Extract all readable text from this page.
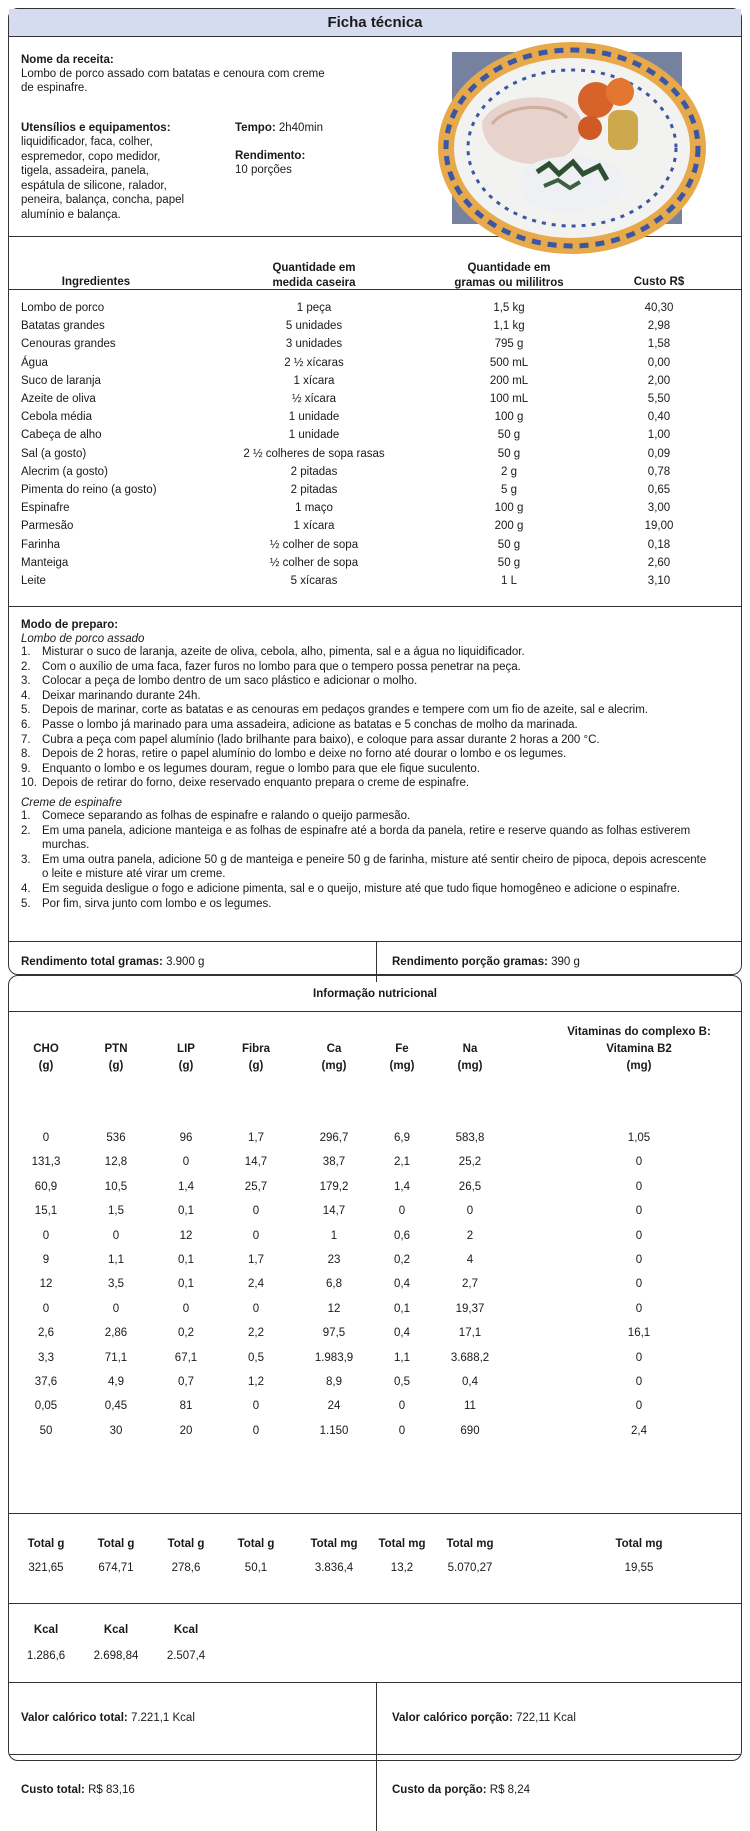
Ficha técnica
Nome da receita:
Lombo de porco assado com batatas e cenoura com creme
de espinafre.
Utensílios e equipamentos:
liquidificador, faca, colher,
espremedor, copo medidor,
tigela, assadeira, panela,
espátula de silicone, ralador,
peneira, balança, concha, papel
alumínio e balança.
Tempo: 2h40min
Rendimento:
10 porções
Ingredientes
Quantidade em
medida caseira
Quantidade em
gramas ou mililitros	Custo R$
Lombo de porco	1 peça	1,5 kg	40,30
Batatas grandes	5 unidades	1,1 kg	2,98
Cenouras grandes	3 unidades	795 g	1,58
Água	2 ½ xícaras	500 mL	0,00
Suco de laranja	1 xícara	200 mL	2,00
Azeite de oliva	½ xícara	100 mL	5,50
Cebola média	1 unidade	100 g	0,40
Cabeça de alho	1 unidade	50 g	1,00
Sal (a gosto)	2 ½ colheres de sopa rasas	50 g	0,09
Alecrim (a gosto)	2 pitadas	2 g	0,78
Pimenta do reino (a gosto)	2 pitadas	5 g	0,65
Espinafre	1 maço	100 g	3,00
Parmesão	1 xícara	200 g	19,00
Farinha	½ colher de sopa	50 g	0,18
Manteiga	½ colher de sopa	50 g	2,60
Leite	5 xícaras	1 L	3,10
Modo de preparo:
Lombo de porco assado
1. Misturar o suco de laranja, azeite de oliva, cebola, alho, pimenta, sal e a água no liquidificador.
2. Com o auxílio de uma faca, fazer furos no lombo para que o tempero possa penetrar na peça.
3. Colocar a peça de lombo dentro de um saco plástico e adicionar o molho.
4. Deixar marinando durante 24h.
5. Depois de marinar, corte as batatas e as cenouras em pedaços grandes e tempere com um fio de azeite, sal e alecrim.
6. Passe o lombo já marinado para uma assadeira, adicione as batatas e 5 conchas de molho da marinada.
7. Cubra a peça com papel alumínio (lado brilhante para baixo), e coloque para assar durante 2 horas a 200 °C.
8. Depois de 2 horas, retire o papel alumínio do lombo e deixe no forno até dourar o lombo e os legumes.
9. Enquanto o lombo e os legumes douram, regue o lombo para que ele fique suculento.
10. Depois de retirar do forno, deixe reservado enquanto prepara o creme de espinafre.
Creme de espinafre
1. Comece separando as folhas de espinafre e ralando o queijo parmesão.
2. Em uma panela, adicione manteiga e as folhas de espinafre até a borda da panela, retire e reserve quando as folhas estiverem
murchas.
3. Em uma outra panela, adicione 50 g de manteiga e peneire 50 g de farinha, misture até sentir cheiro de pipoca, depois acrescente
o leite e misture até virar um creme.
4. Em seguida desligue o fogo e adicione pimenta, sal e o queijo, misture até que tudo fique homogêneo e adicione o espinafre.
5. Por fim, sirva junto com lombo e os legumes.
Rendimento total gramas: 3.900 g	Rendimento porção gramas: 390 g
Informação nutricional
Vitaminas do complexo B:
CHO
(g)
PTN
(g)
LIP
(g)
Fibra
(g)
Ca
(mg)
Fe
(mg)
Na
(mg)
Vitamina B2
(mg)
0	536	96	1,7	296,7	6,9	583,8	1,05
131,3	12,8	0	14,7	38,7	2,1	25,2	0
60,9	10,5	1,4	25,7	179,2	1,4	26,5	0
15,1	1,5	0,1	0	14,7	0	0	0
0	0	12	0	1	0,6	2	0
9	1,1	0,1	1,7	23	0,2	4	0
12	3,5	0,1	2,4	6,8	0,4	2,7	0
0	0	0	0	12	0,1	19,37	0
2,6	2,86	0,2	2,2	97,5	0,4	17,1	16,1
3,3	71,1	67,1	0,5	1.983,9	1,1	3.688,2	0
37,6	4,9	0,7	1,2	8,9	0,5	0,4	0
0,05	0,45	81	0	24	0	11	0
50	30	20	0	1.150	0	690	2,4
Total g
321,65
Total g
674,71
Total g
278,6
Total g
50,1
Total mg
3.836,4
Total mg
13,2
Total mg
5.070,27
Total mg
19,55
Kcal
1.286,6
Kcal
2.698,84
Kcal
2.507,4
Valor calórico total: 7.221,1 Kcal	Valor calórico porção: 722,11 Kcal
Custo total: R$ 83,16	Custo da porção: R$ 8,24
